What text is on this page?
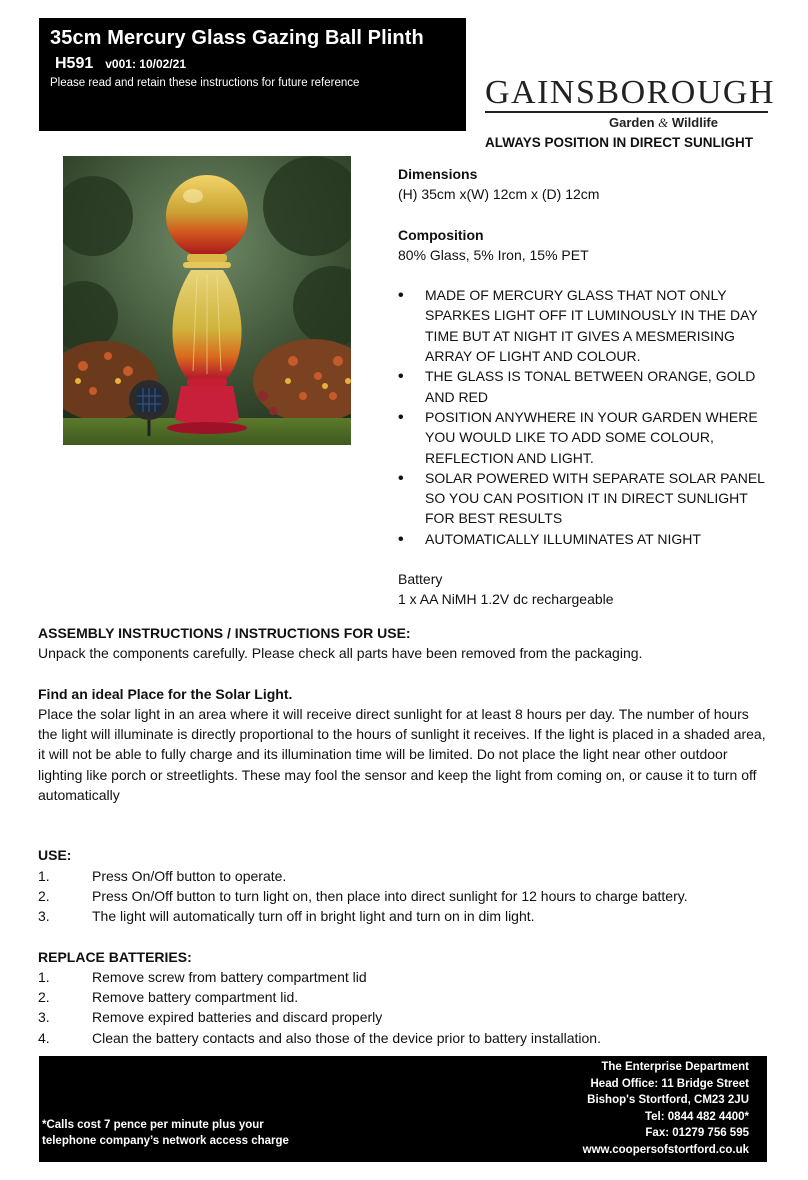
35cm Mercury Glass Gazing Ball Plinth
H591 v001: 10/02/21
Please read and retain these instructions for future reference	GAINSBOROUGH
Garden & Wildlife
ALWAYS POSITION IN DIRECT SUNLIGHT
Dimensions
(H) 35cm x(W) 12cm x (D) 12cm
Composition
80% Glass, 5% Iron, 15% PET
•
MADE OF MERCURY GLASS THAT NOT ONLY SPARKES LIGHT OFF IT LUMINOUSLY IN THE DAY TIME BUT AT NIGHT IT GIVES A MESMERISING ARRAY OF LIGHT AND COLOUR.
•
THE GLASS IS TONAL BETWEEN ORANGE, GOLD AND RED
•
POSITION ANYWHERE IN YOUR GARDEN WHERE YOU WOULD LIKE TO ADD SOME COLOUR, REFLECTION AND LIGHT.
•
SOLAR POWERED WITH SEPARATE SOLAR PANEL SO YOU CAN POSITION IT IN DIRECT SUNLIGHT FOR BEST RESULTS
•
AUTOMATICALLY ILLUMINATES AT NIGHT
Battery
1 x AA NiMH 1.2V dc rechargeable
ASSEMBLY INSTRUCTIONS / INSTRUCTIONS FOR USE:
Unpack the components carefully. Please check all parts have been removed from the packaging.
Find an ideal Place for the Solar Light.
Place the solar light in an area where it will receive direct sunlight for at least 8 hours per day. The number of hours the light will illuminate is directly proportional to the hours of sunlight it receives. If the light is placed in a shaded area, it will not be able to fully charge and its illumination time will be limited. Do not place the light near other outdoor lighting like porch or streetlights. These may fool the sensor and keep the light from coming on, or cause it to turn off automatically
USE:
1.	Press On/Off button to operate.
2.	Press On/Off button to turn light on, then place into direct sunlight for 12 hours to charge battery.
3.	The light will automatically turn off in bright light and turn on in dim light.
REPLACE BATTERIES:
1.	Remove screw from battery compartment lid
2.	Remove battery compartment lid.
3.	Remove expired batteries and discard properly
4.	Clean the battery contacts and also those of the device prior to battery installation.
*Calls cost 7 pence per minute plus your
telephone company’s network access charge
The Enterprise Department
Head Office: 11 Bridge Street
Bishop's Stortford, CM23 2JU
Tel: 0844 482 4400*
Fax: 01279 756 595
www.coopersofstortford.co.uk
